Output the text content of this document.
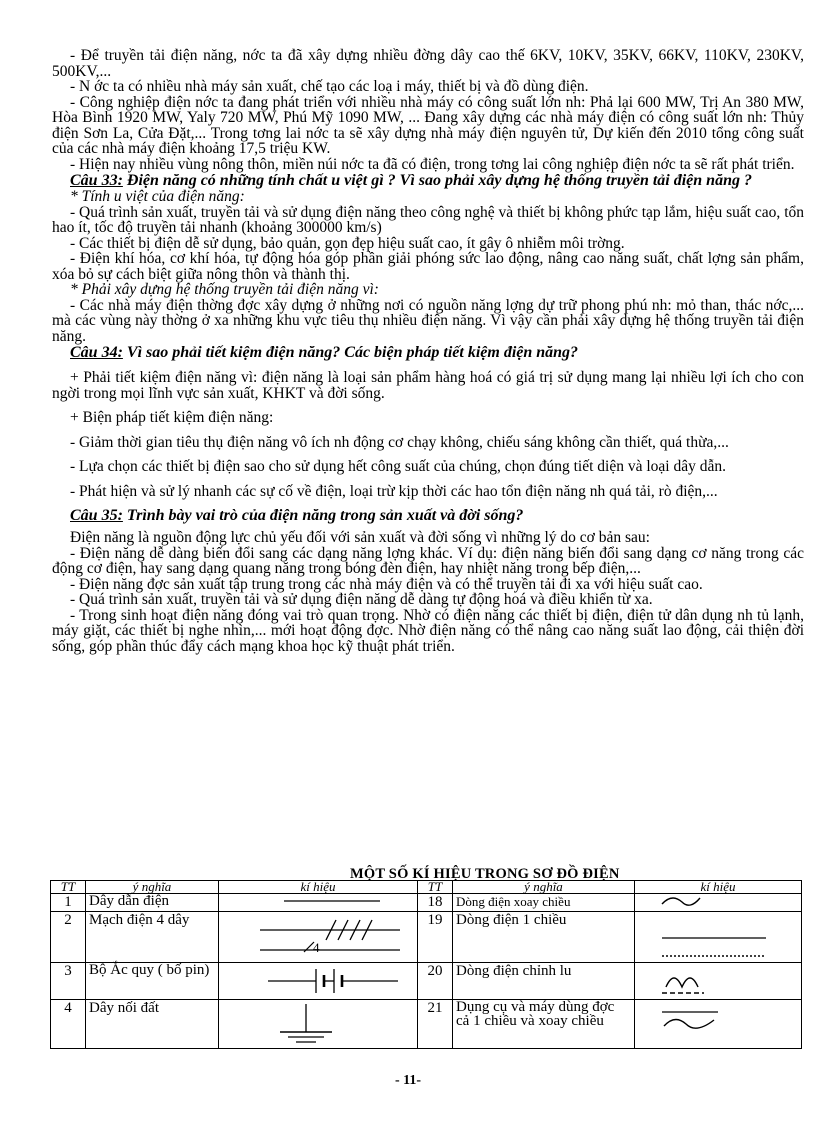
- Để truyền tải điện năng, nớc ta đã xây dựng nhiều đờng dây cao thế 6KV, 10KV, 35KV, 66KV, 110KV, 230KV, 500KV,...

- N ớc ta có nhiều nhà máy sản xuất, chế tạo các loạ i máy, thiết bị và đồ dùng điện.

- Công nghiệp điện nớc ta đang phát triển với nhiều nhà máy có công suất lớn nh: Phả lại 600 MW, Trị An 380 MW, Hòa Bình 1920 MW, Yaly 720 MW, Phú Mỹ 1090 MW, ... Đang xây dựng các nhà máy điện có công suất lớn nh: Thủy điện Sơn La, Cửa Đặt,... Trong tơng lai nớc ta sẽ xây dựng nhà máy điện nguyên tử, Dự kiến đến 2010 tổng công suất của các nhà máy điện khoảng 17,5 triệu KW.

- Hiện nay nhiều vùng nông thôn, miền núi nớc ta đã có điện, trong tơng lai công nghiệp điện nớc ta sẽ rất phát triển.

Câu 33: Điện năng có những tính chất u việt gì ? Vì sao phải xây dựng hệ thống truyền tải điện năng ?

* Tính u việt của điện năng:

- Quá trình sản xuất, truyền tải và sử dụng điện năng theo công nghệ và thiết bị không phức tạp lắm, hiệu suất cao, tổn hao ít, tốc độ truyền tải nhanh (khoảng 300000 km/s)

- Các thiết bị điện dễ sử dụng, bảo quản, gọn đẹp hiệu suất cao, ít gây ô nhiễm môi trờng.

- Điện khí hóa, cơ khí hóa, tự động hóa góp phần giải phóng sức lao động, nâng cao năng suất, chất lợng sản phẩm, xóa bỏ sự cách biệt giữa nông thôn và thành thị.

* Phải xây dựng hệ thống truyền tải điện năng vì:

- Các nhà máy điện thờng đợc xây dựng ở những nơi có nguồn năng lợng dự trữ phong phú nh: mỏ than, thác nớc,... mà các vùng này thờng ở xa những khu vực tiêu thụ nhiều điện năng. Vì vậy cần phải xây dựng hệ thống truyền tải điện năng.

Câu 34: Vì sao phải tiết kiệm điện năng? Các biện pháp tiết kiệm điện năng?

+ Phải tiết kiệm điện năng vì: điện năng là loại sản phẩm hàng hoá có giá trị sử dụng mang lại nhiều lợi ích cho con ngời trong mọi lĩnh vực sản xuất, KHKT và đời sống.

+ Biện pháp tiết kiệm điện năng:

- Giảm thời gian tiêu thụ điện năng vô ích nh động cơ chạy không, chiếu sáng không cần thiết, quá thừa,...

- Lựa chọn các thiết bị điện sao cho sử dụng hết công suất của chúng, chọn đúng tiết diện và loại dây dẫn.

- Phát hiện và sử lý nhanh các sự cố về điện, loại trừ kịp thời các hao tổn điện năng nh quá tải, rò điện,...

Câu 35: Trình bày vai trò của điện năng trong sản xuất và đời sống?

Điện năng là nguồn động lực chủ yếu đối với sản xuất và đời sống vì những lý do cơ bản sau:

- Điện năng dễ dàng biến đổi sang các dạng năng lợng khác. Ví dụ: điện năng biến đổi sang dạng cơ năng trong các động cơ điện, hay sang dạng quang năng trong bóng đèn điện, hay nhiệt năng trong bếp điện,...

- Điện năng đợc sản xuất tập trung trong các nhà máy điện và có thể truyền tải đi xa với hiệu suất cao.

- Quá trình sản xuất, truyền tải và sử dụng điện năng dễ dàng tự động hoá và điều khiển từ xa.

- Trong sinh hoạt điện năng đóng vai trò quan trọng. Nhờ có điện năng các thiết bị điện, điện tử dân dụng nh tủ lạnh, máy giặt, các thiết bị nghe nhìn,... mới hoạt động đợc. Nhờ điện năng có thể nâng cao năng suất lao động, cải thiện đời sống, góp phần thúc đẩy cách mạng khoa học kỹ thuật phát triển.

MỘT SỐ KÍ HIỆU TRONG SƠ ĐỒ ĐIỆN
TT	ý nghĩa	kí hiệu	TT	ý nghĩa	kí hiệu
1	Dây dẫn điện		18	Dòng điện xoay chiều	

2	Mạch điện 4 dây	4	19	Dòng điện 1 chiều	

3	Bộ Ắc quy ( bố pin)		20	Dòng điện chỉnh lu	

4	Dây nối đất		21	Dụng cụ và máy dùng đợc cả 1 chiều và xoay chiều	
- 11-
